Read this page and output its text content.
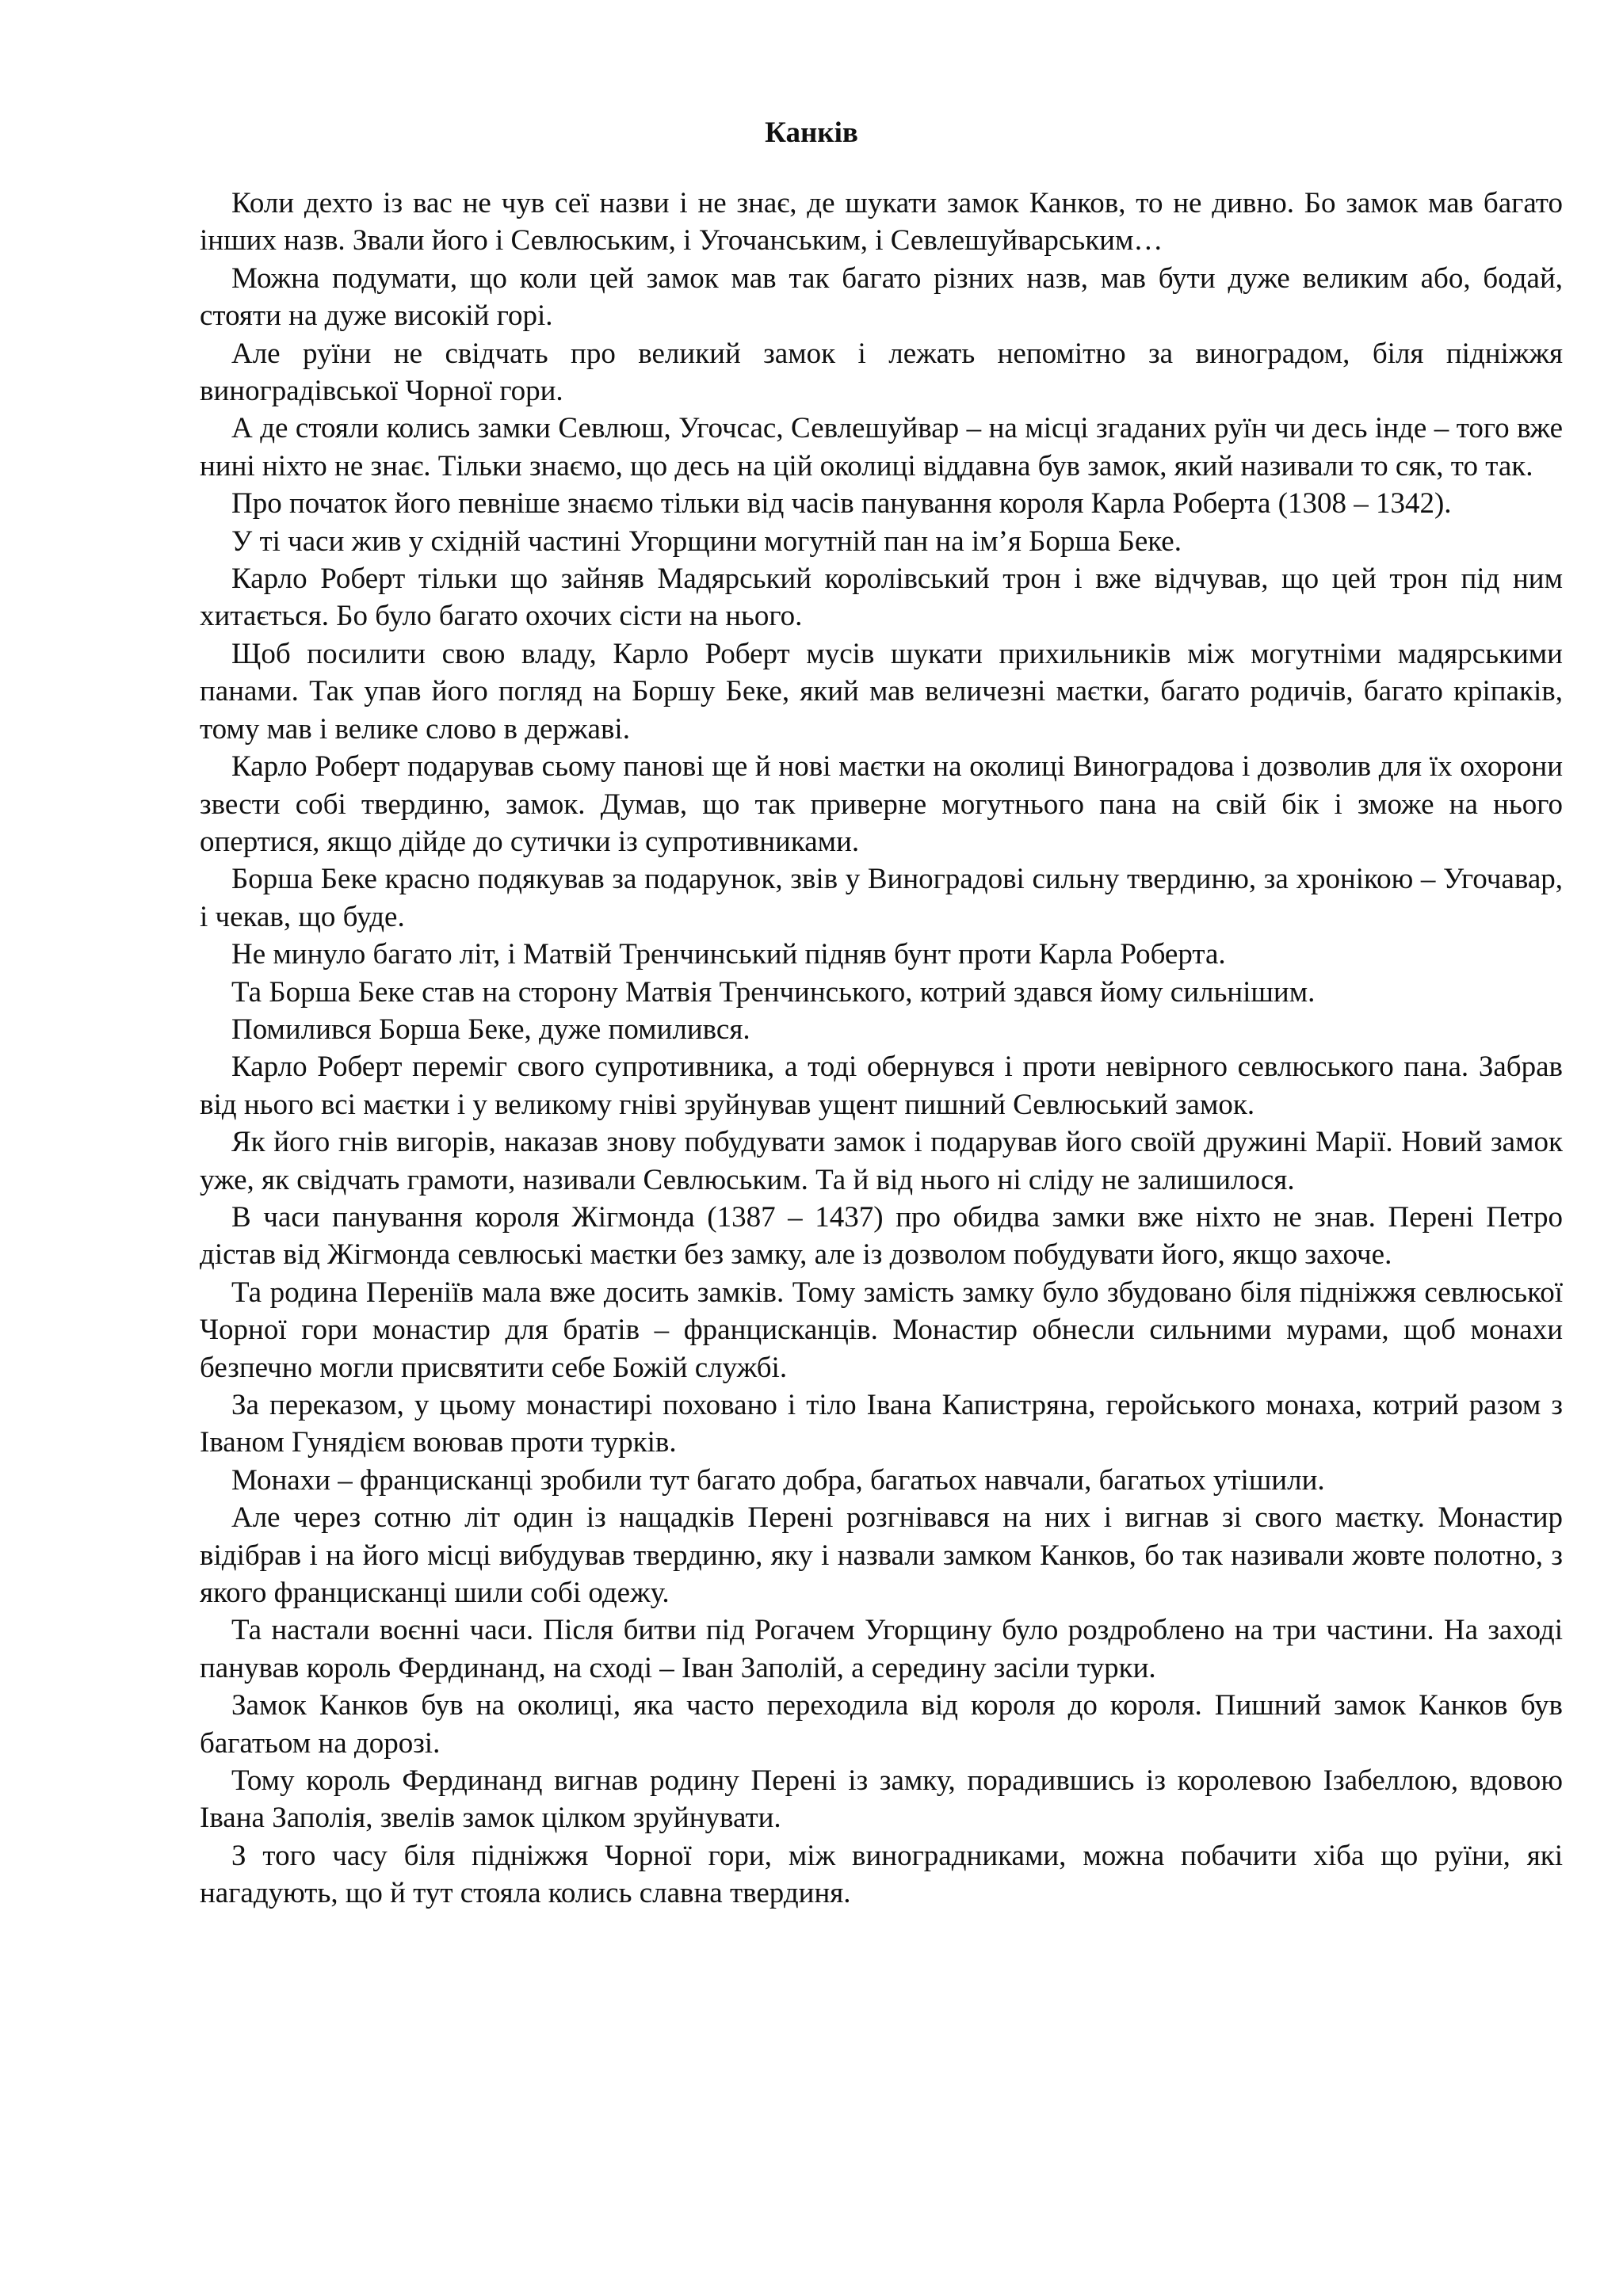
Канків

Коли дехто із вас не чув сеї назви і не знає, де шукати замок Канков, то не дивно. Бо замок мав багато інших назв. Звали його і Севлюським, і Угочанським, і Севлешуйварським…

Можна подумати, що коли цей замок мав так багато різних назв, мав бути дуже великим або, бодай, стояти на дуже високій горі.

Але руїни не свідчать про великий замок і лежать непомітно за виноградом, біля підніжжя виноградівської Чорної гори.

А де стояли колись замки Севлюш, Угочсас, Севлешуйвар – на місці згаданих руїн чи десь інде – того вже нині ніхто не знає. Тільки знаємо, що десь на цій околиці віддавна був замок, який називали то сяк, то так.

Про початок його певніше знаємо тільки від часів панування короля Карла Роберта (1308 – 1342).

У ті часи жив у східній частині Угорщини могутній пан на ім’я Борша Беке.

Карло Роберт тільки що зайняв Мадярський королівський трон і вже відчував, що цей трон під ним хитається. Бо було багато охочих сісти на нього.

Щоб посилити свою владу, Карло Роберт мусів шукати прихильників між могутніми мадярськими панами. Так упав його погляд на Боршу Беке, який мав величезні маєтки, багато родичів, багато кріпаків, тому мав і велике слово в державі.

Карло Роберт подарував сьому панові ще й нові маєтки на околиці Виноградова і дозволив для їх охорони звести собі твердиню, замок. Думав, що так приверне могутнього пана на свій бік і зможе на нього опертися, якщо дійде до сутички із супротивниками.

Борша Беке красно подякував за подарунок, звів у Виноградові сильну твердиню, за хронікою – Угочавар, і чекав, що буде.

Не минуло багато літ, і Матвій Тренчинський підняв бунт проти Карла Роберта.

Та Борша Беке став на сторону Матвія Тренчинського, котрий здався йому сильнішим.

Помилився Борша Беке, дуже помилився.

Карло Роберт переміг свого супротивника, а тоді обернувся і проти невірного севлюського пана. Забрав від нього всі маєтки і у великому гніві зруйнував ущент пишний Севлюський замок.

Як його гнів вигорів, наказав знову побудувати замок і подарував його своїй дружині Марії. Новий замок уже, як свідчать грамоти, називали Севлюським. Та й від нього ні сліду не залишилося.

В часи панування короля Жігмонда (1387 – 1437) про обидва замки вже ніхто не знав. Перені Петро дістав від Жігмонда севлюські маєтки без замку, але із дозволом побудувати його, якщо захоче.

Та родина Перенiїв мала вже досить замків. Тому замість замку було збудовано біля підніжжя севлюської Чорної гори монастир для братів – францисканців. Монастир обнесли сильними мурами, щоб монахи безпечно могли присвятити себе Божій службі.

За переказом, у цьому монастирі поховано і тіло Івана Капистряна, геройського монаха, котрий разом з Іваном Гунядієм воював проти турків.

Монахи – францисканці зробили тут багато добра, багатьох навчали, багатьох утішили.

Але через сотню літ один із нащадків Перені розгнівався на них і вигнав зі свого маєтку. Монастир відібрав і на його місці вибудував твердиню, яку і назвали замком Канков, бо так називали жовте полотно, з якого францисканці шили собі одежу.

Та настали воєнні часи. Після битви під Рогачем Угорщину було роздроблено на три частини. На заході панував король Фердинанд, на сході – Іван Заполій, а середину засіли турки.

Замок Канков був на околиці, яка часто переходила від короля до короля. Пишний замок Канков був багатьом на дорозі.

Тому король Фердинанд вигнав родину Перені із замку, порадившись із королевою Ізабеллою, вдовою Івана Заполія, звелів замок цілком зруйнувати.

З того часу біля підніжжя Чорної гори, між виноградниками, можна побачити хіба що руїни, які нагадують, що й тут стояла колись славна твердиня.
